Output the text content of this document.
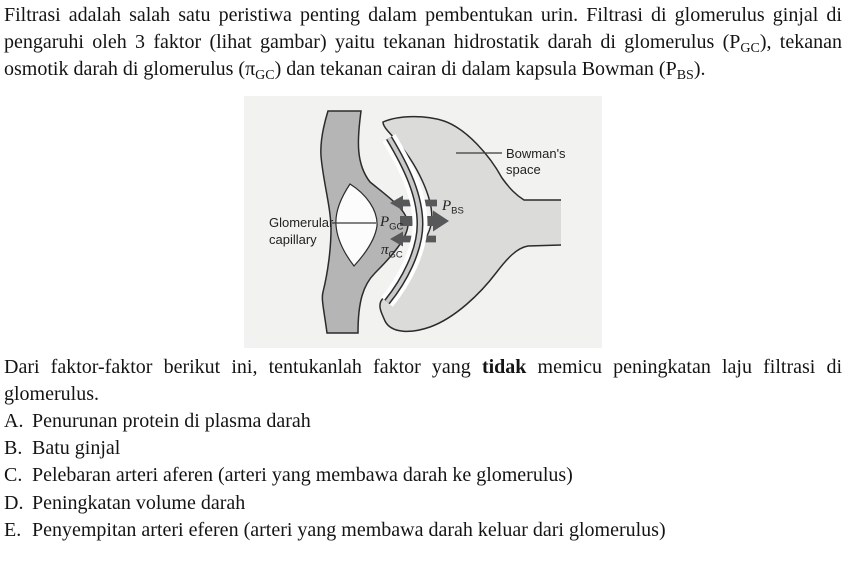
Filtrasi adalah salah satu peristiwa penting dalam pembentukan urin. Filtrasi di glomerulus ginjal di pengaruhi oleh 3 faktor (lihat gambar) yaitu tekanan hidrostatik darah di glomerulus $(P_{GC})$, tekanan osmotik darah di glomerulus $(\pi_{GC})$ dan tekanan cairan di dalam kapsula Bowman $(P_{BS})$.

Bowman's
space
Glomerular
capillary
$P_{GC}$
$P_{BS}$
$\pi_{GC}$

Dari faktor-faktor berikut ini, tentukanlah faktor yang tidak memicu peningkatan laju filtrasi di glomerulus.

A. Penurunan protein di plasma darah
B. Batu ginjal
C. Pelebaran arteri aferen (arteri yang membawa darah ke glomerulus)
D. Peningkatan volume darah
E. Penyempitan arteri eferen (arteri yang membawa darah keluar dari glomerulus)
